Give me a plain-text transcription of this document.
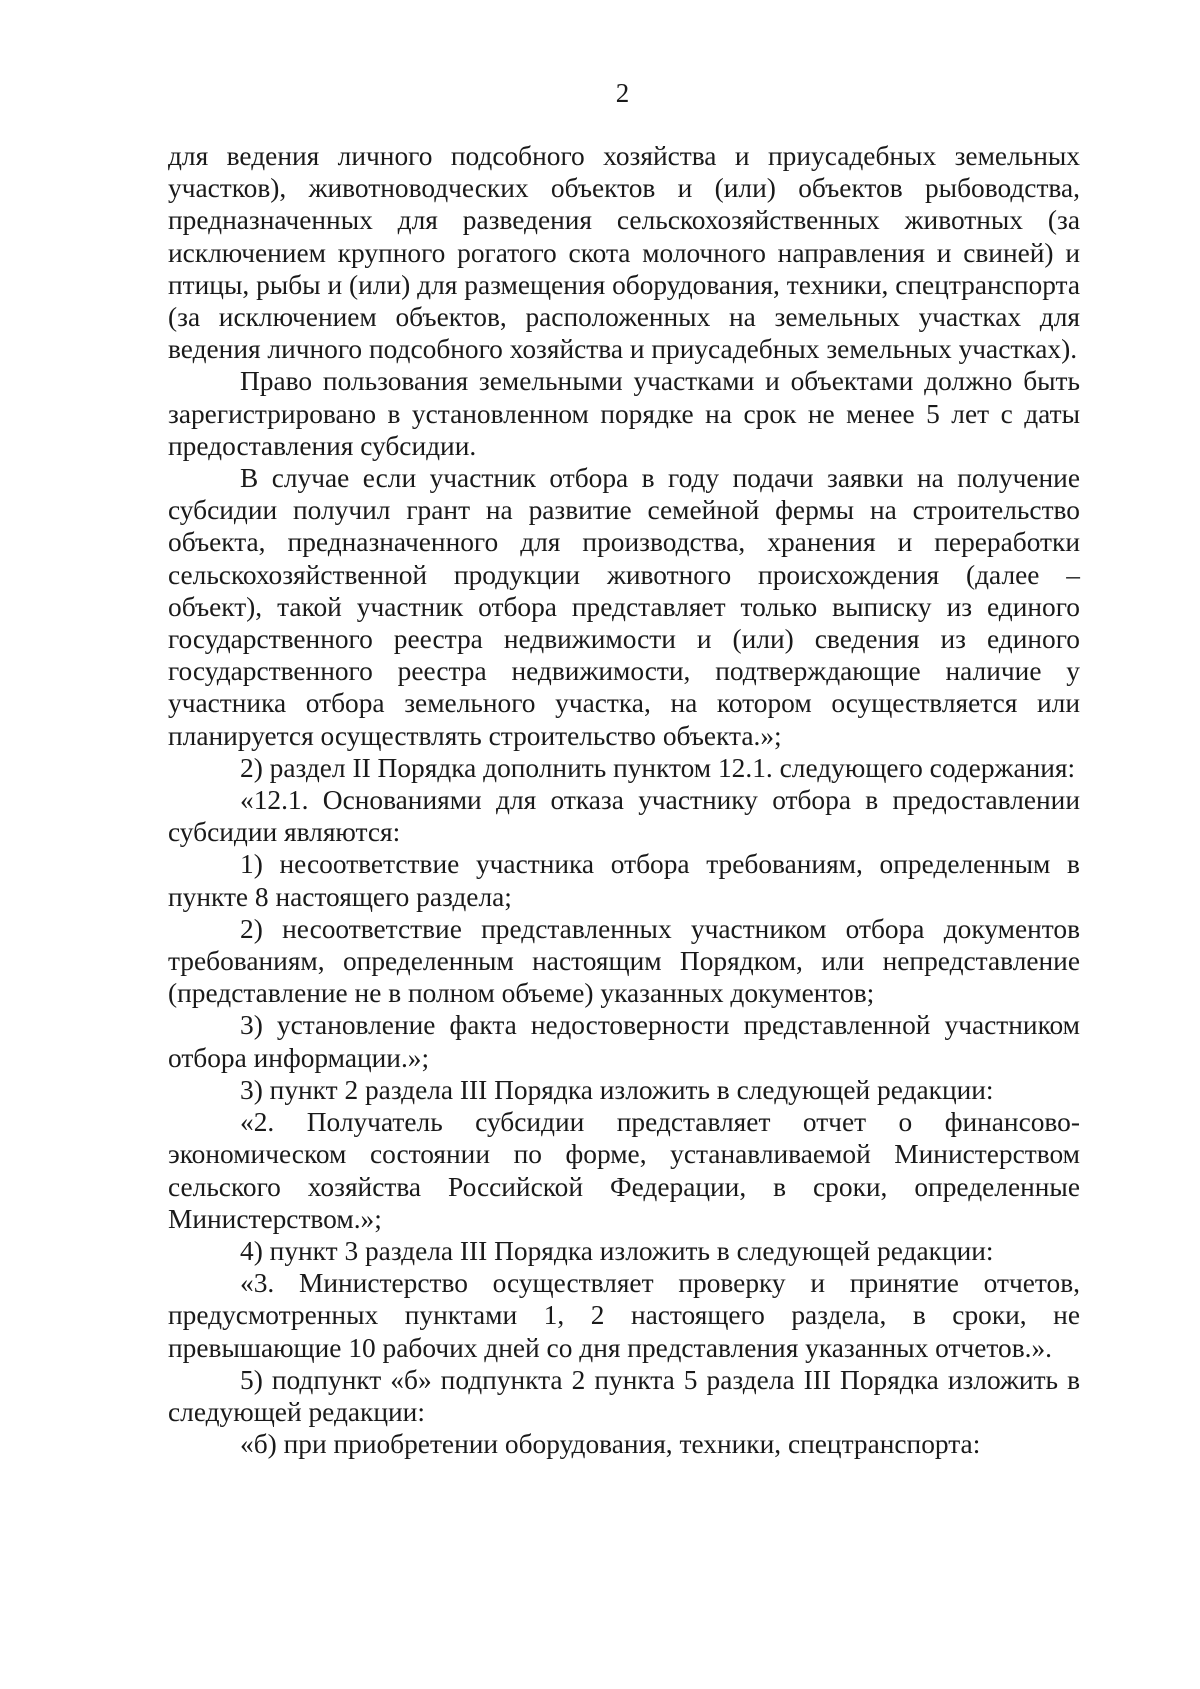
2

для ведения личного подсобного хозяйства и приусадебных земельных участков), животноводческих объектов и (или) объектов рыбоводства, предназначенных для разведения сельскохозяйственных животных (за исключением крупного рогатого скота молочного направления и свиней) и птицы, рыбы и (или) для размещения оборудования, техники, спецтранспорта (за исключением объектов, расположенных на земельных участках для ведения личного подсобного хозяйства и приусадебных земельных участках).

Право пользования земельными участками и объектами должно быть зарегистрировано в установленном порядке на срок не менее 5 лет с даты предоставления субсидии.

В случае если участник отбора в году подачи заявки на получение субсидии получил грант на развитие семейной фермы на строительство объекта, предназначенного для производства, хранения и переработки сельскохозяйственной продукции животного происхождения (далее – объект), такой участник отбора представляет только выписку из единого государственного реестра недвижимости и (или) сведения из единого государственного реестра недвижимости, подтверждающие наличие у участника отбора земельного участка, на котором осуществляется или планируется осуществлять строительство объекта.»;

2) раздел II Порядка дополнить пунктом 12.1. следующего содержания:

«12.1. Основаниями для отказа участнику отбора в предоставлении субсидии являются:

1) несоответствие участника отбора требованиям, определенным в пункте 8 настоящего раздела;

2) несоответствие представленных участником отбора документов требованиям, определенным настоящим Порядком, или непредставление (представление не в полном объеме) указанных документов;

3) установление факта недостоверности представленной участником отбора информации.»;

3) пункт 2 раздела III Порядка изложить в следующей редакции:

«2. Получатель субсидии представляет отчет о финансово-экономическом состоянии по форме, устанавливаемой Министерством сельского хозяйства Российской Федерации, в сроки, определенные Министерством.»;

4) пункт 3 раздела III Порядка изложить в следующей редакции:

«3. Министерство осуществляет проверку и принятие отчетов, предусмотренных пунктами 1, 2 настоящего раздела, в сроки, не превышающие 10 рабочих дней со дня представления указанных отчетов.».

5) подпункт «б» подпункта 2 пункта 5 раздела III Порядка изложить в следующей редакции:

«б) при приобретении оборудования, техники, спецтранспорта:
